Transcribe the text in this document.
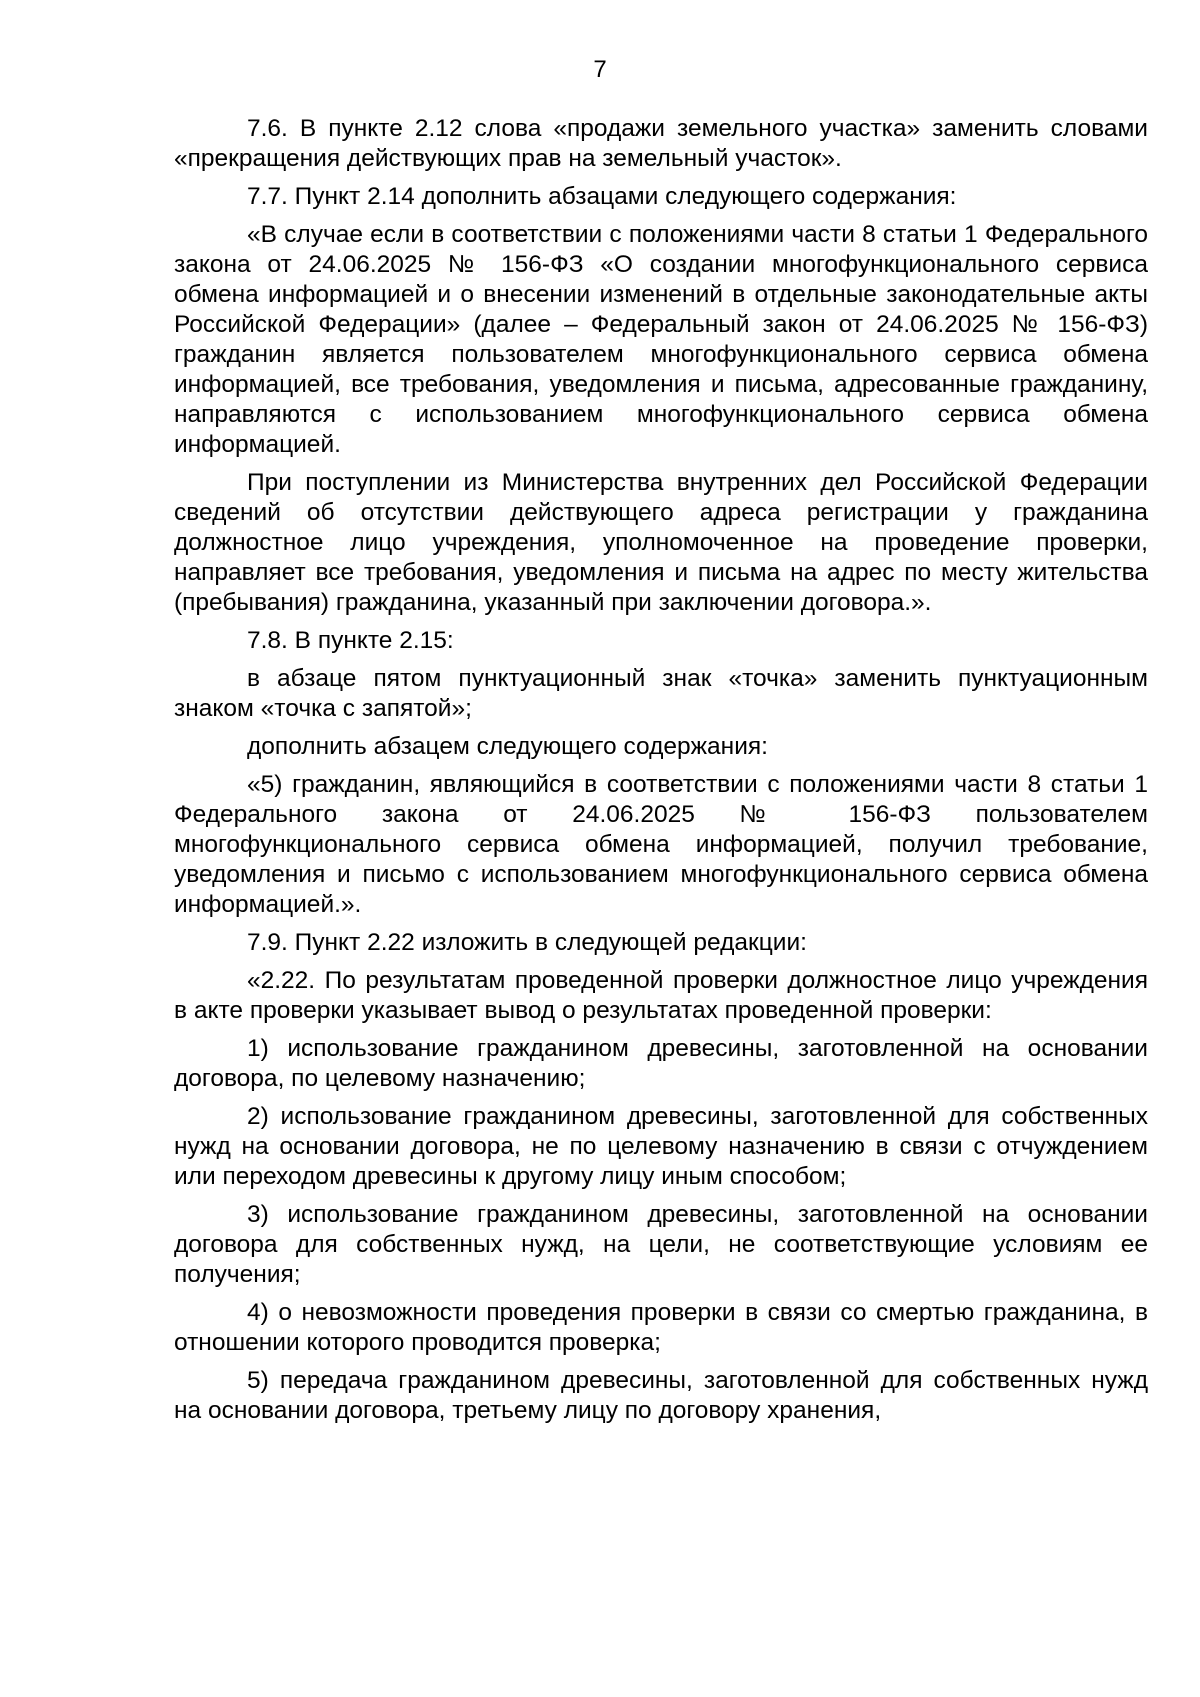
7

7.6. В пункте 2.12 слова «продажи земельного участка» заменить словами «прекращения действующих прав на земельный участок».

7.7. Пункт 2.14 дополнить абзацами следующего содержания:

«В случае если в соответствии с положениями части 8 статьи 1 Федерального закона от 24.06.2025 № 156-ФЗ «О создании многофункционального сервиса обмена информацией и о внесении изменений в отдельные законодательные акты Российской Федерации» (далее – Федеральный закон от 24.06.2025 № 156-ФЗ) гражданин является пользователем многофункционального сервиса обмена информацией, все требования, уведомления и письма, адресованные гражданину, направляются с использованием многофункционального сервиса обмена информацией.

При поступлении из Министерства внутренних дел Российской Федерации сведений об отсутствии действующего адреса регистрации у гражданина должностное лицо учреждения, уполномоченное на проведение проверки, направляет все требования, уведомления и письма на адрес по месту жительства (пребывания) гражданина, указанный при заключении договора.».

7.8. В пункте 2.15:

в абзаце пятом пунктуационный знак «точка» заменить пунктуационным знаком «точка с запятой»;

дополнить абзацем следующего содержания:

«5) гражданин, являющийся в соответствии с положениями части 8 статьи 1 Федерального закона от 24.06.2025 № 156-ФЗ пользователем многофункционального сервиса обмена информацией, получил требование, уведомления и письмо с использованием многофункционального сервиса обмена информацией.».

7.9. Пункт 2.22 изложить в следующей редакции:

«2.22. По результатам проведенной проверки должностное лицо учреждения в акте проверки указывает вывод о результатах проведенной проверки:

1) использование гражданином древесины, заготовленной на основании договора, по целевому назначению;

2) использование гражданином древесины, заготовленной для собственных нужд на основании договора, не по целевому назначению в связи с отчуждением или переходом древесины к другому лицу иным способом;

3) использование гражданином древесины, заготовленной на основании договора для собственных нужд, на цели, не соответствующие условиям ее получения;

4) о невозможности проведения проверки в связи со смертью гражданина, в отношении которого проводится проверка;

5) передача гражданином древесины, заготовленной для собственных нужд на основании договора, третьему лицу по договору хранения,
